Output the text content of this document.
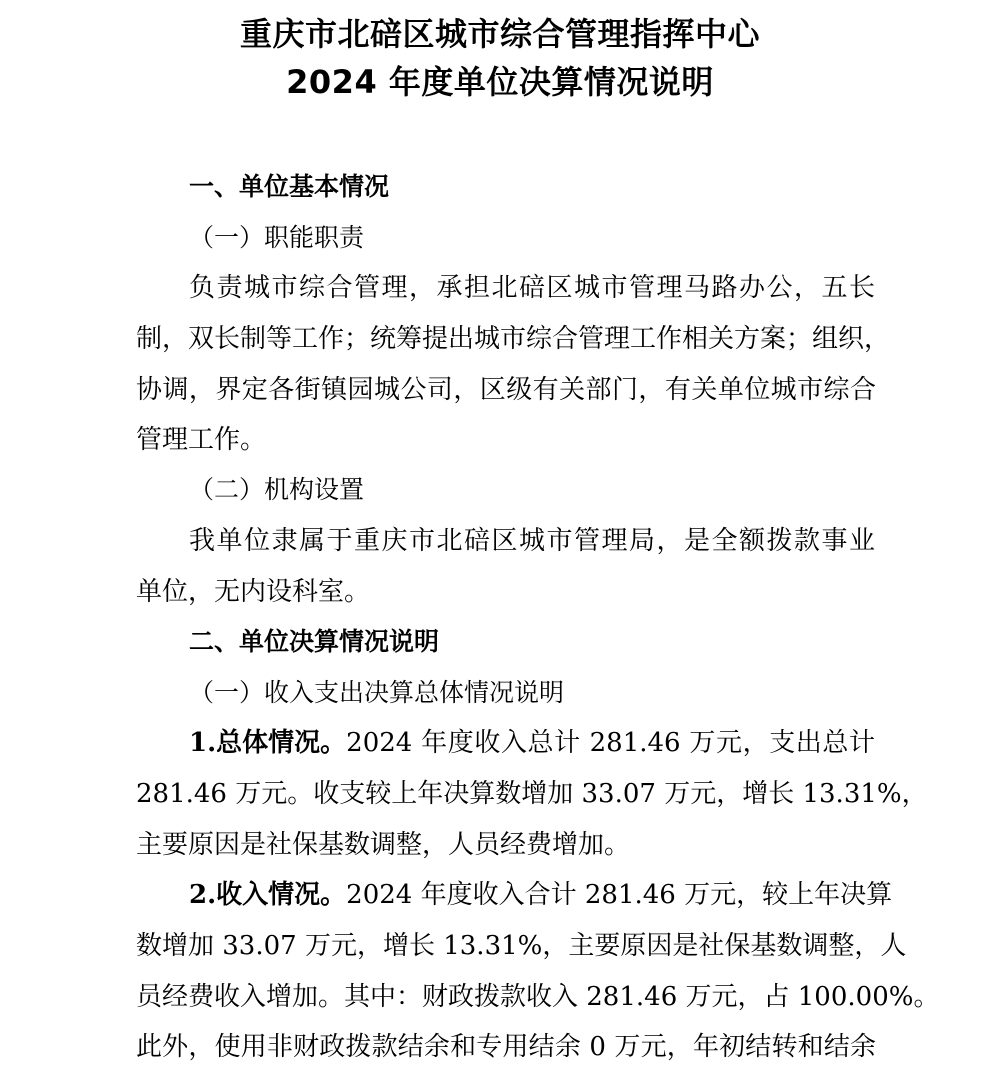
重庆市北碚区城市综合管理指挥中心
2024 年度单位决算情况说明
一、单位基本情况
（一）职能职责
负责城市综合管理，承担北碚区城市管理马路办公，五长
制，双长制等工作；统筹提出城市综合管理工作相关方案；组织，
协调，界定各街镇园城公司，区级有关部门，有关单位城市综合
管理工作。
（二）机构设置
我单位隶属于重庆市北碚区城市管理局，是全额拨款事业
单位，无内设科室。
二、单位决算情况说明
（一）收入支出决算总体情况说明
1.总体情况。 2024 年度收入总计 281.46 万元，支出总计
281.46 万元。收支较上年决算数增加 33.07 万元，增长 13.31%，
主要原因是社保基数调整，人员经费增加。
2.收入情况。 2024 年度收入合计 281.46 万元，较上年决算
数增加 33.07 万元，增长 13.31%，主要原因是社保基数调整，人
员经费收入增加。其中：财政拨款收入 281.46 万元，占 100.00%。
此外，使用非财政拨款结余和专用结余 0 万元，年初结转和结余
